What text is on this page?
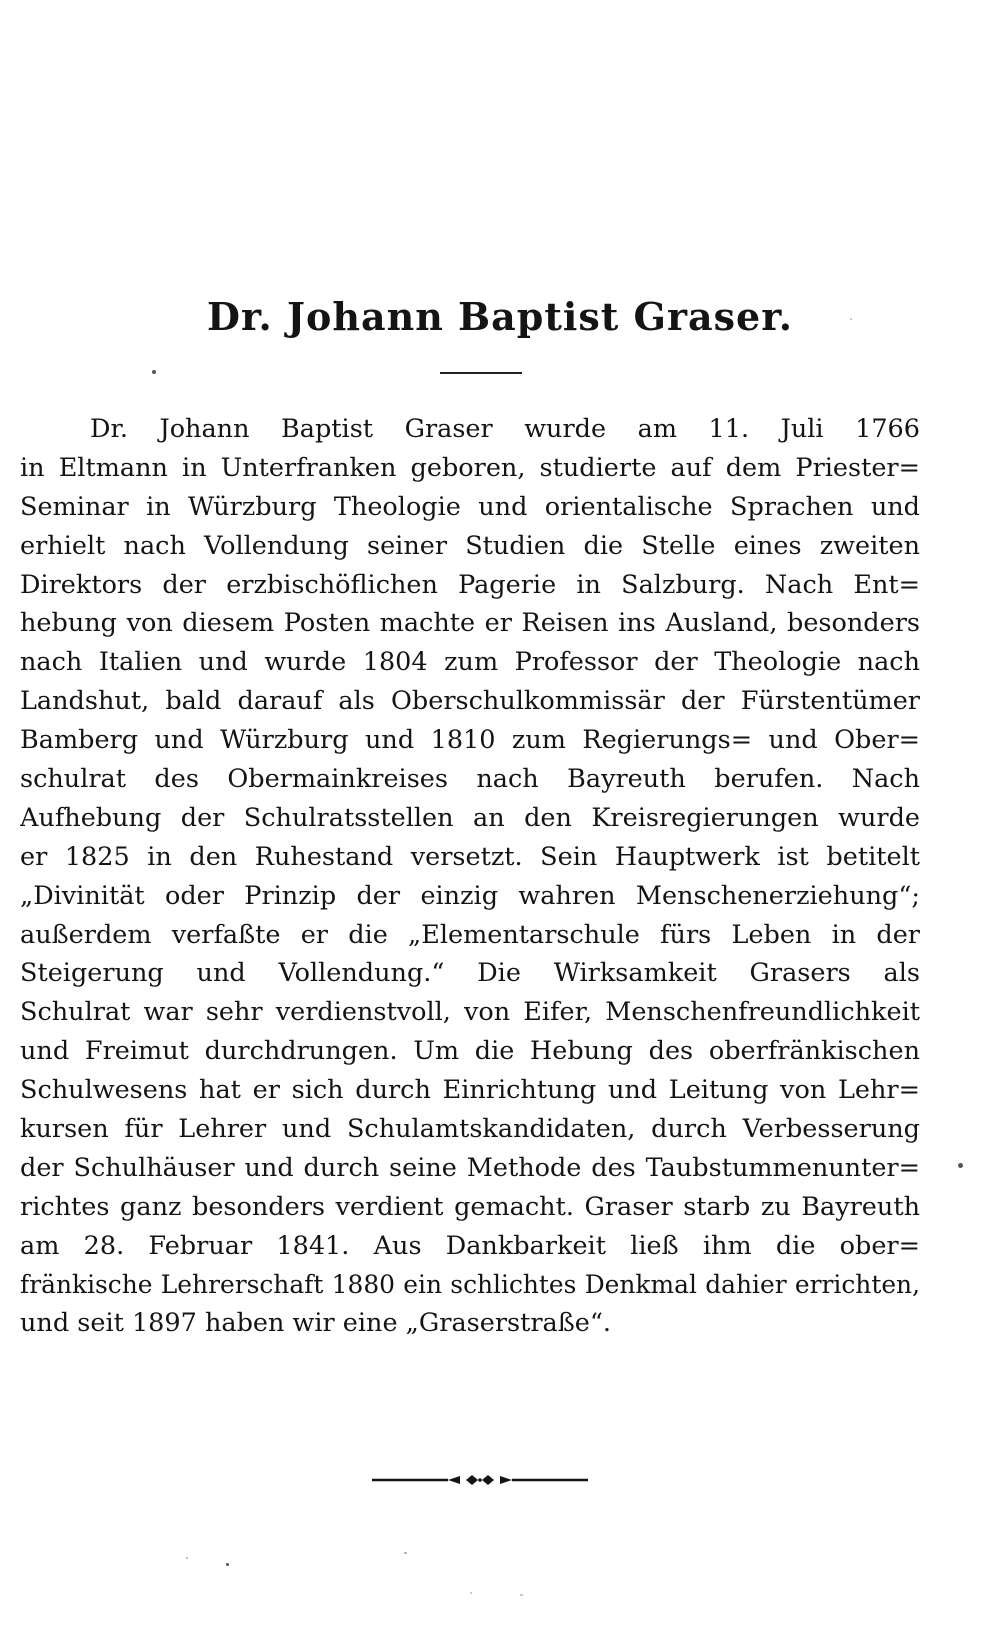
Dr. Johann Baptist Graser.
Dr. Johann Baptist Graser wurde am 11. Juli 1766
in Eltmann in Unterfranken geboren, studierte auf dem Priester=
Seminar in Würzburg Theologie und orientalische Sprachen und
erhielt nach Vollendung seiner Studien die Stelle eines zweiten
Direktors der erzbischöflichen Pagerie in Salzburg. Nach Ent=
hebung von diesem Posten machte er Reisen ins Ausland, besonders
nach Italien und wurde 1804 zum Professor der Theologie nach
Landshut, bald darauf als Oberschulkommissär der Fürstentümer
Bamberg und Würzburg und 1810 zum Regierungs= und Ober=
schulrat des Obermainkreises nach Bayreuth berufen. Nach
Aufhebung der Schulratsstellen an den Kreisregierungen wurde
er 1825 in den Ruhestand versetzt. Sein Hauptwerk ist betitelt
„Divinität oder Prinzip der einzig wahren Menschenerziehung“;
außerdem verfaßte er die „Elementarschule fürs Leben in der
Steigerung und Vollendung.“ Die Wirksamkeit Grasers als
Schulrat war sehr verdienstvoll, von Eifer, Menschenfreundlichkeit
und Freimut durchdrungen. Um die Hebung des oberfränkischen
Schulwesens hat er sich durch Einrichtung und Leitung von Lehr=
kursen für Lehrer und Schulamtskandidaten, durch Verbesserung
der Schulhäuser und durch seine Methode des Taubstummenunter=
richtes ganz besonders verdient gemacht. Graser starb zu Bayreuth
am 28. Februar 1841. Aus Dankbarkeit ließ ihm die ober=
fränkische Lehrerschaft 1880 ein schlichtes Denkmal dahier errichten,
und seit 1897 haben wir eine „Graserstraße“.
